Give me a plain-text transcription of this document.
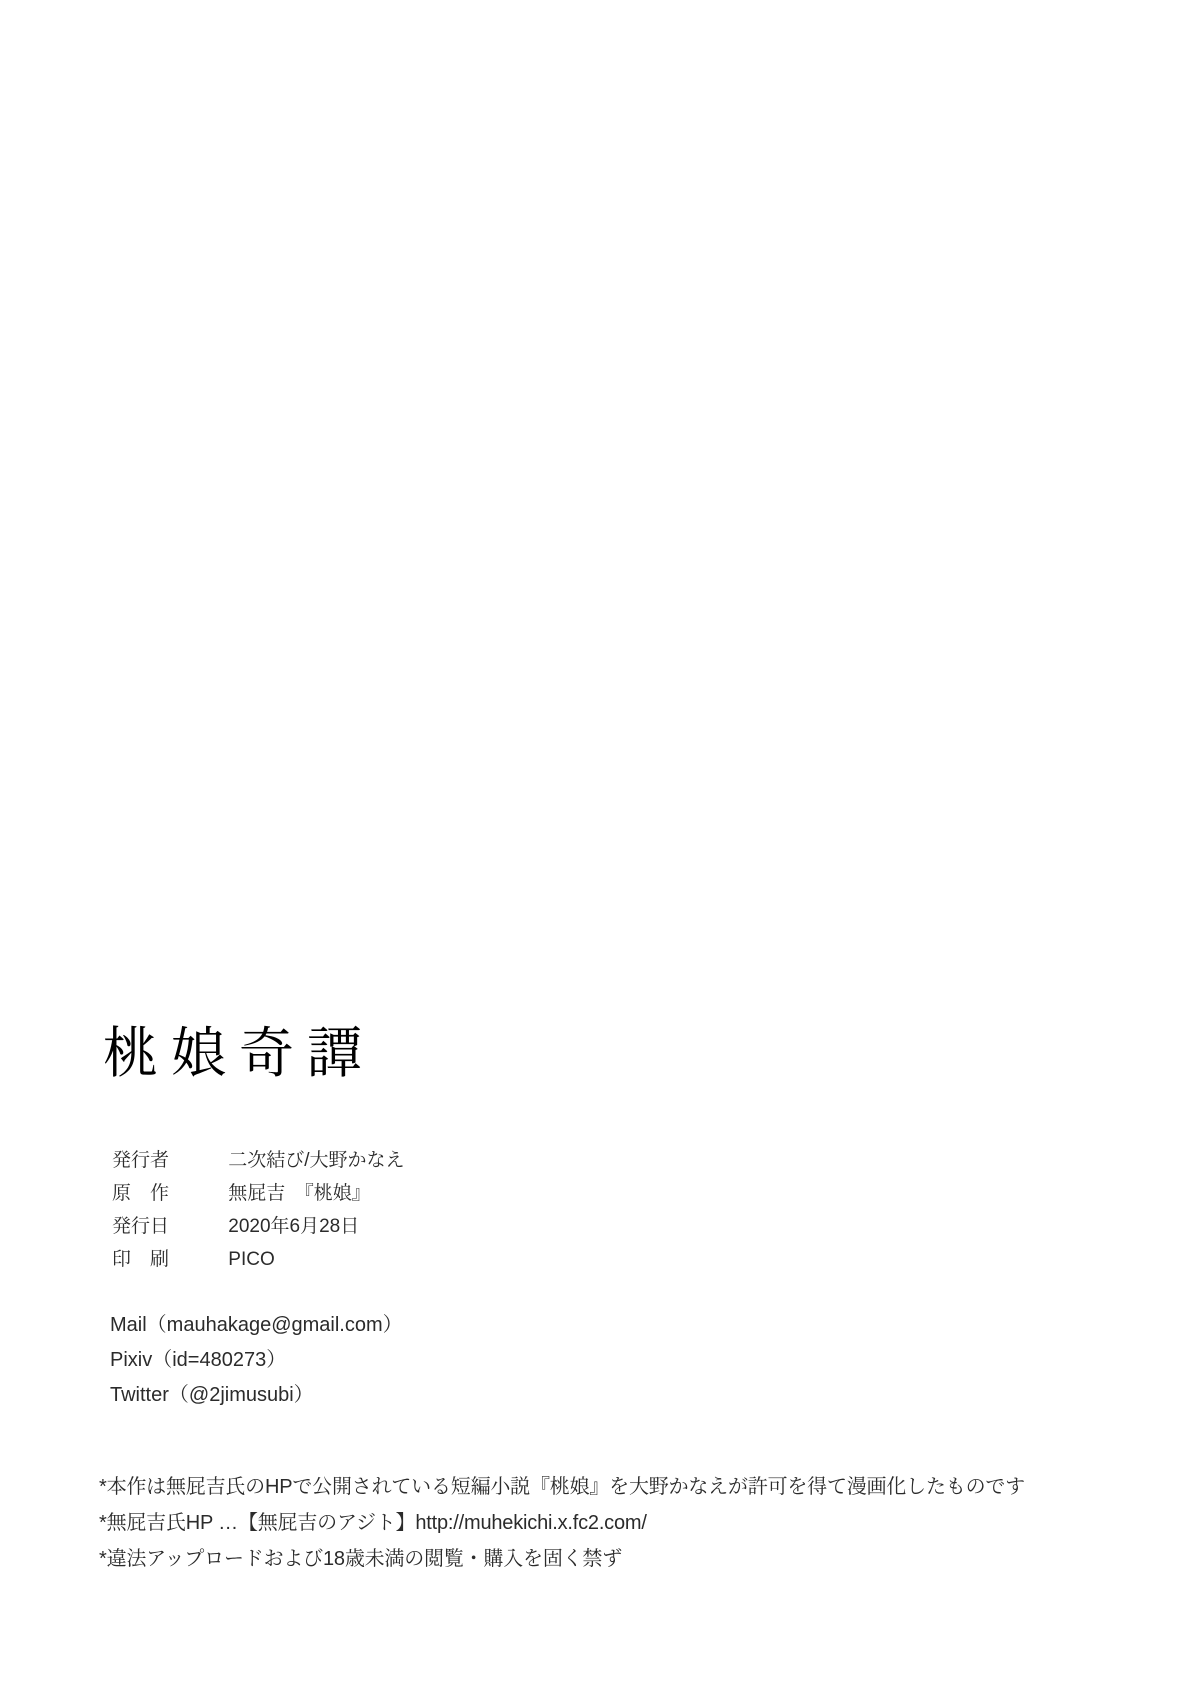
桃娘奇譚
発行者	二次結び/大野かなえ
原　作	無屁吉　『桃娘』
発行日	2020年6月28日
印　刷	PICO
Mail（mauhakage@gmail.com）
Pixiv（id=480273）
Twitter（@2jimusubi）
*本作は無屁吉氏のHPで公開されている短編小説『桃娘』を大野かなえが許可を得て漫画化したものです
*無屁吉氏HP …【無屁吉のアジト】http://muhekichi.x.fc2.com/
*違法アップロードおよび18歳未満の閲覧・購入を固く禁ず
